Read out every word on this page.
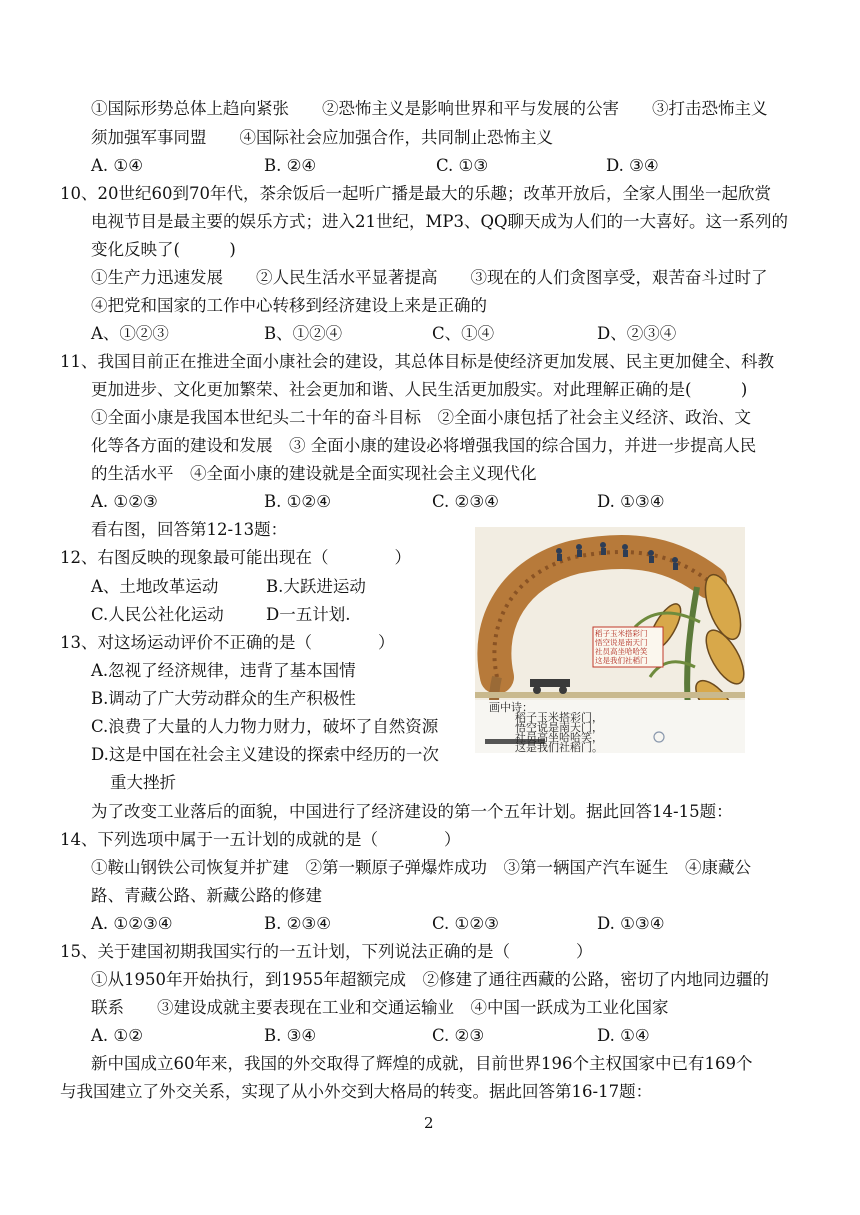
①国际形势总体上趋向紧张　　②恐怖主义是影响世界和平与发展的公害　　③打击恐怖主义
须加强军事同盟　　④国际社会应加强合作，共同制止恐怖主义
A. ①④	B. ②④	C. ①③	D. ③④
10、20世纪60到70年代，茶余饭后一起听广播是最大的乐趣；改革开放后，全家人围坐一起欣赏
电视节目是最主要的娱乐方式；进入21世纪，MP3、QQ聊天成为人们的一大喜好。这一系列的
变化反映了(　　　)
①生产力迅速发展　　②人民生活水平显著提高　　③现在的人们贪图享受，艰苦奋斗过时了
④把党和国家的工作中心转移到经济建设上来是正确的
A、①②③	B、①②④	C、①④	D、②③④
11、我国目前正在推进全面小康社会的建设，其总体目标是使经济更加发展、民主更加健全、科教
更加进步、文化更加繁荣、社会更加和谐、人民生活更加殷实。对此理解正确的是(　　　)
①全面小康是我国本世纪头二十年的奋斗目标　②全面小康包括了社会主义经济、政治、文
化等各方面的建设和发展　③ 全面小康的建设必将增强我国的综合国力，并进一步提高人民
的生活水平　④全面小康的建设就是全面实现社会主义现代化
A. ①②③	B. ①②④	C. ②③④	D. ①③④
看右图，回答第12-13题：
12、右图反映的现象最可能出现在（　　　　）
A、土地改革运动	B.大跃进运动
C.人民公社化运动	D一五计划.
13、对这场运动评价不正确的是（　　　　）
A.忽视了经济规律，违背了基本国情
B.调动了广大劳动群众的生产积极性
C.浪费了大量的人力物力财力，破坏了自然资源
D.这是中国在社会主义建设的探索中经历的一次
重大挫折
稻子玉米搭彩门
悟空说是南天门
社员高坐哈哈笑
这是我们社稻门
画中诗：
稻子玉米搭彩门，
悟空说是南天门，
社员高坐哈哈笑，
这是我们社稻门。
为了改变工业落后的面貌，中国进行了经济建设的第一个五年计划。据此回答14-15题：
14、下列选项中属于一五计划的成就的是（　　　　）
①鞍山钢铁公司恢复并扩建　②第一颗原子弹爆炸成功　③第一辆国产汽车诞生　④康藏公
路、青藏公路、新藏公路的修建
A. ①②③④	B. ②③④	C. ①②③	D. ①③④
15、关于建国初期我国实行的一五计划，下列说法正确的是（　　　　）
①从1950年开始执行，到1955年超额完成　②修建了通往西藏的公路，密切了内地同边疆的
联系　　③建设成就主要表现在工业和交通运输业　④中国一跃成为工业化国家
A. ①②	B. ③④	C. ②③	D. ①④
新中国成立60年来，我国的外交取得了辉煌的成就，目前世界196个主权国家中已有169个
与我国建立了外交关系，实现了从小外交到大格局的转变。据此回答第16-17题：
2
